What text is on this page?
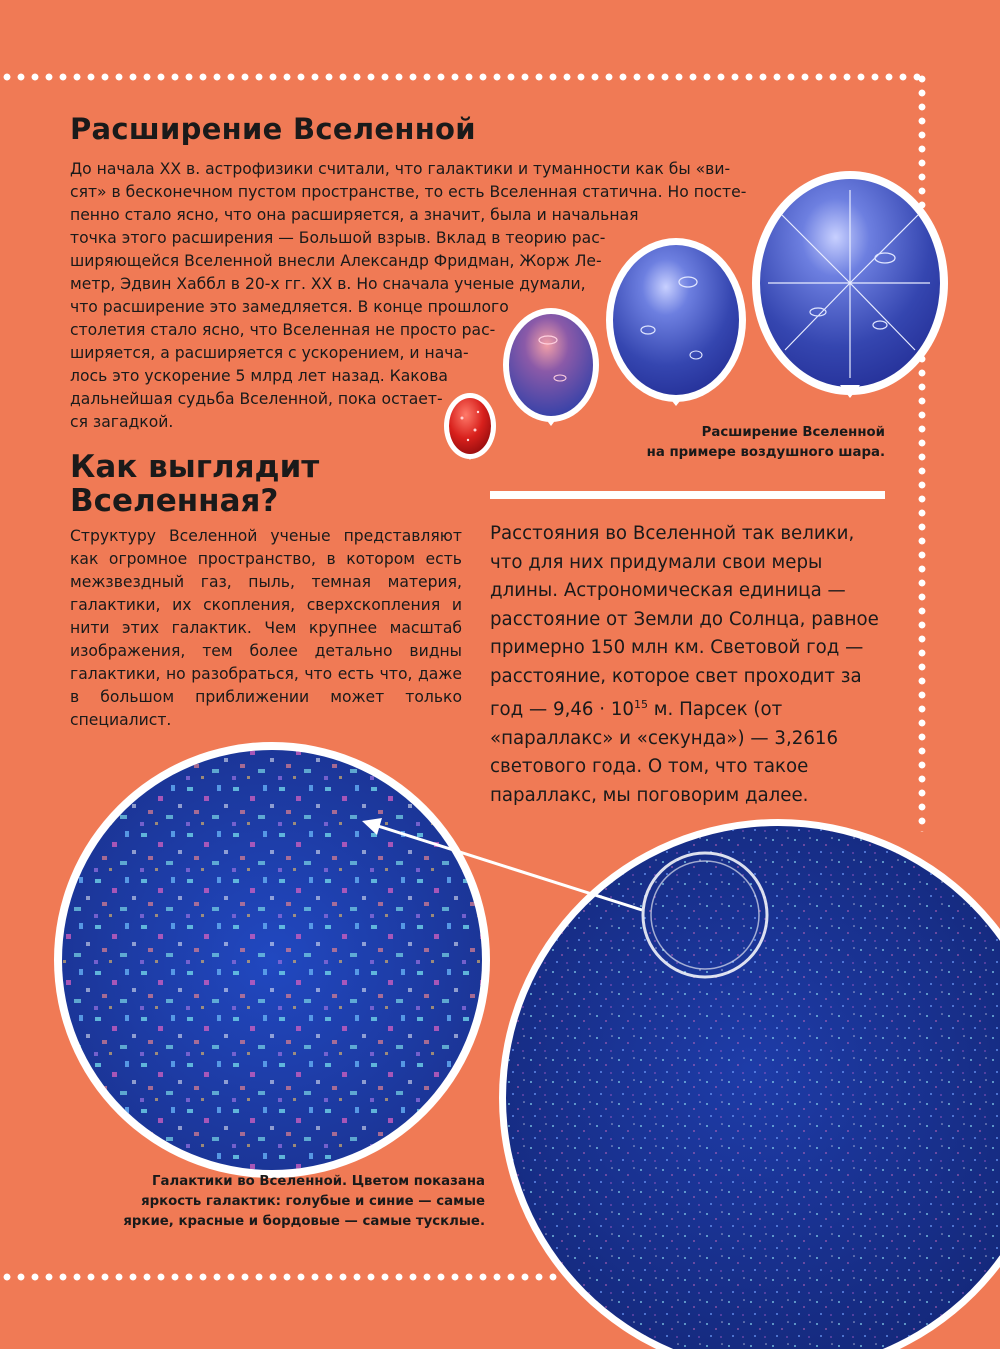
Расширение Вселенной

До начала XX в. астрофизики считали, что галактики и туманности как бы «ви-
сят» в бесконечном пустом пространстве, то есть Вселенная статична. Но посте-
пенно стало ясно, что она расширяется, а значит, была и начальная
точка этого расширения — Большой взрыв. Вклад в теорию рас-
ширяющейся Вселенной внесли Александр Фридман, Жорж Ле-
метр, Эдвин Хаббл в 20-х гг. XX в. Но сначала ученые думали,
что расширение это замедляется. В конце прошлого
столетия стало ясно, что Вселенная не просто рас-
ширяется, а расширяется с ускорением, и нача-
лось это ускорение 5 млрд лет назад. Какова
дальнейшая судьба Вселенной, пока остает-
ся загадкой.

Расширение Вселенной
на примере воздушного шара.

Как выглядит
Вселенная?

Структуру Вселенной ученые представляют как огромное пространство, в котором есть межзвездный газ, пыль, темная материя, галактики, их скопления, сверхскопления и нити этих галактик. Чем крупнее масштаб изображения, тем более детально видны галактики, но разобраться, что есть что, даже в большом приближении может только специалист.

Расстояния во Вселенной так велики, что для них придумали свои меры длины. Астрономическая единица — расстояние от Земли до Солнца, равное примерно 150 млн км. Световой год — расстояние, которое свет проходит за год — $9,46 \cdot 10^{15}$ м. Парсек (от «параллакс» и «секунда») — 3,2616 светового года. О том, что такое параллакс, мы поговорим далее.

Галактики во Вселенной. Цветом показана
яркость галактик: голубые и синие — самые
яркие, красные и бордовые — самые тусклые.
